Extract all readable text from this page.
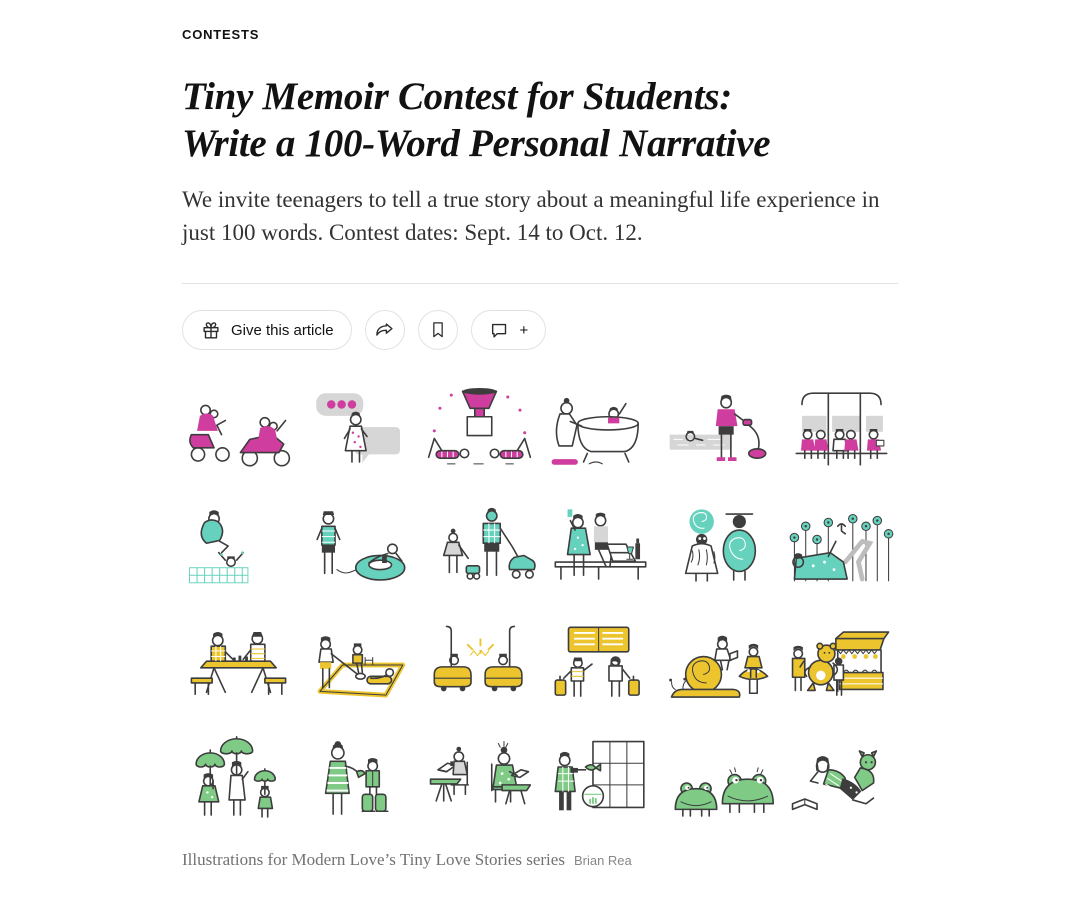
CONTESTS
Tiny Memoir Contest for Students:
Write a 100-Word Personal Narrative

We invite teenagers to tell a true story about a meaningful life experience in just 100 words. Contest dates: Sept. 14 to Oct. 12.

Give this article	+
Illustrations for Modern Love’s Tiny Love Stories series Brian Rea
